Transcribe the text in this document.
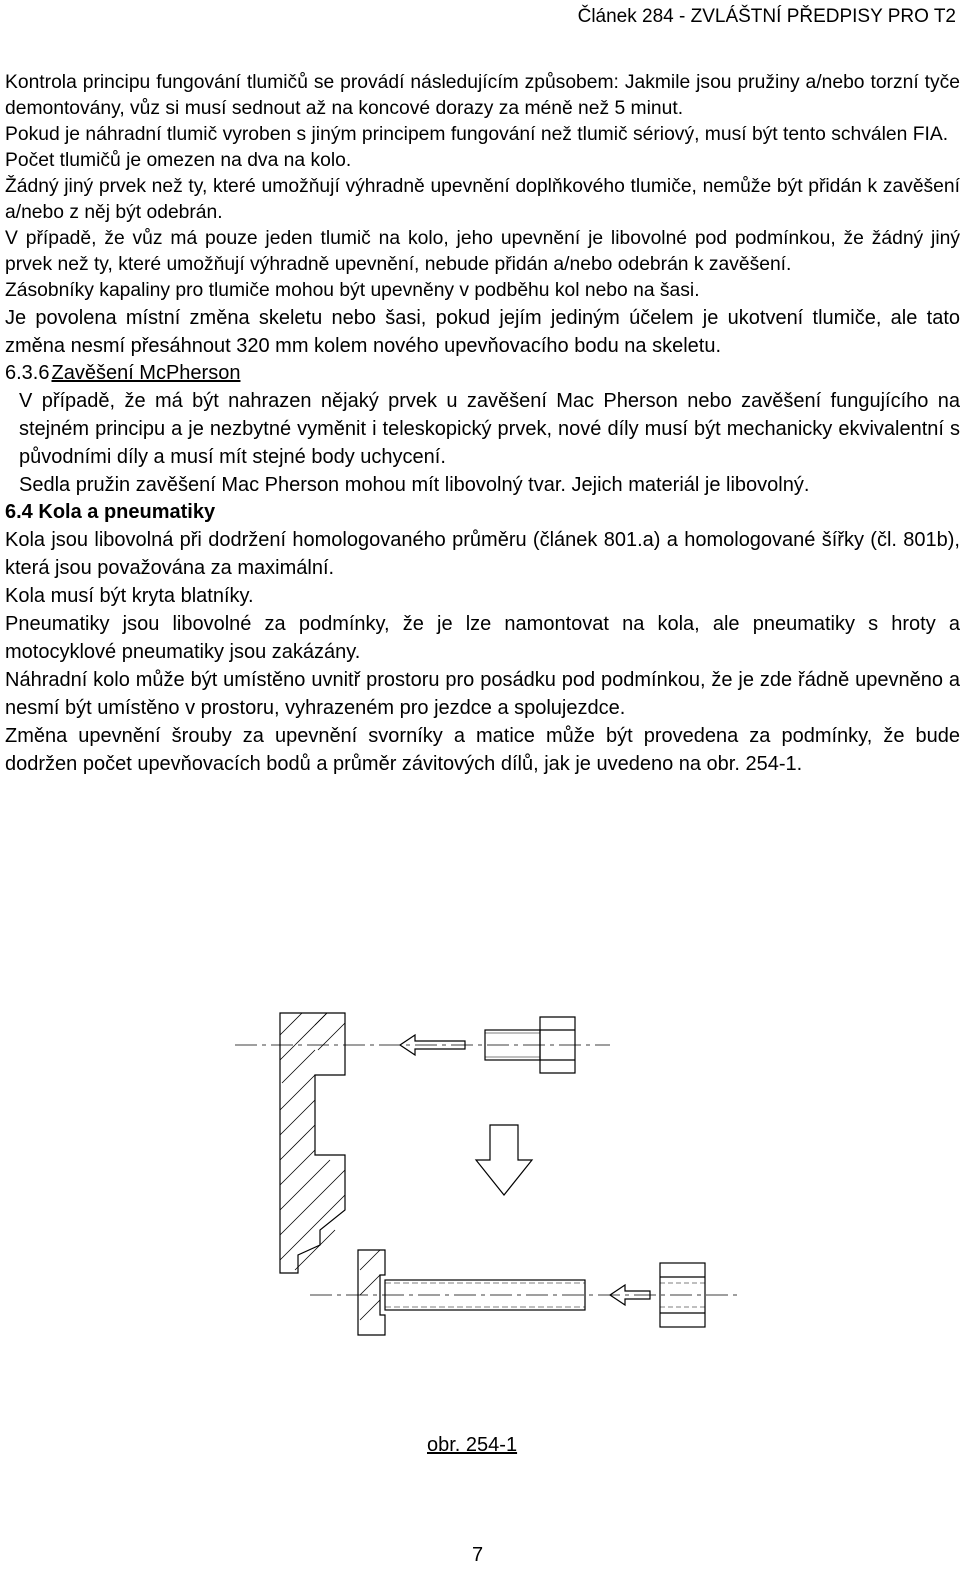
Článek 284 - ZVLÁŠTNÍ PŘEDPISY PRO T2

Kontrola principu fungování tlumičů se provádí následujícím způsobem: Jakmile jsou pružiny a/nebo torzní tyče demontovány, vůz si musí sednout až na koncové dorazy za méně než 5 minut.

Pokud je náhradní tlumič vyroben s jiným principem fungování než tlumič sériový, musí být tento schválen FIA.

Počet tlumičů je omezen na dva na kolo.

Žádný jiný prvek než ty, které umožňují výhradně upevnění doplňkového tlumiče, nemůže být přidán k zavěšení a/nebo z něj být odebrán.

V případě, že vůz má pouze jeden tlumič na kolo, jeho upevnění je libovolné pod podmínkou, že žádný jiný prvek než ty, které umožňují výhradně upevnění, nebude přidán a/nebo odebrán k zavěšení.

Zásobníky kapaliny pro tlumiče mohou být upevněny v podběhu kol nebo na šasi.

Je povolena místní změna skeletu nebo šasi, pokud jejím jediným účelem je ukotvení tlumiče, ale tato změna nesmí přesáhnout 320 mm kolem nového upevňovacího bodu na skeletu.

6.3.6 Zavěšení McPherson

V případě, že má být nahrazen nějaký prvek u zavěšení Mac Pherson nebo zavěšení fungujícího na stejném principu a je nezbytné vyměnit i teleskopický prvek, nové díly musí být mechanicky ekvivalentní s původními díly a musí mít stejné body uchycení.

Sedla pružin zavěšení Mac Pherson mohou mít libovolný tvar. Jejich materiál je libovolný.

6.4 Kola a pneumatiky

Kola jsou libovolná při dodržení homologovaného průměru (článek 801.a) a homologované šířky (čl. 801b), která jsou považována za maximální.

Kola musí být kryta blatníky.

Pneumatiky jsou libovolné za podmínky, že je lze namontovat na kola, ale pneumatiky s hroty a motocyklové pneumatiky jsou zakázány.

Náhradní kolo může být umístěno uvnitř prostoru pro posádku pod podmínkou, že je zde řádně upevněno a nesmí být umístěno v prostoru, vyhrazeném pro jezdce a spolujezdce.

Změna upevnění šrouby za upevnění svorníky a matice může být provedena za podmínky, že bude dodržen počet upevňovacích bodů a průměr závitových dílů, jak je uvedeno na obr. 254-1.

obr. 254-1
7
